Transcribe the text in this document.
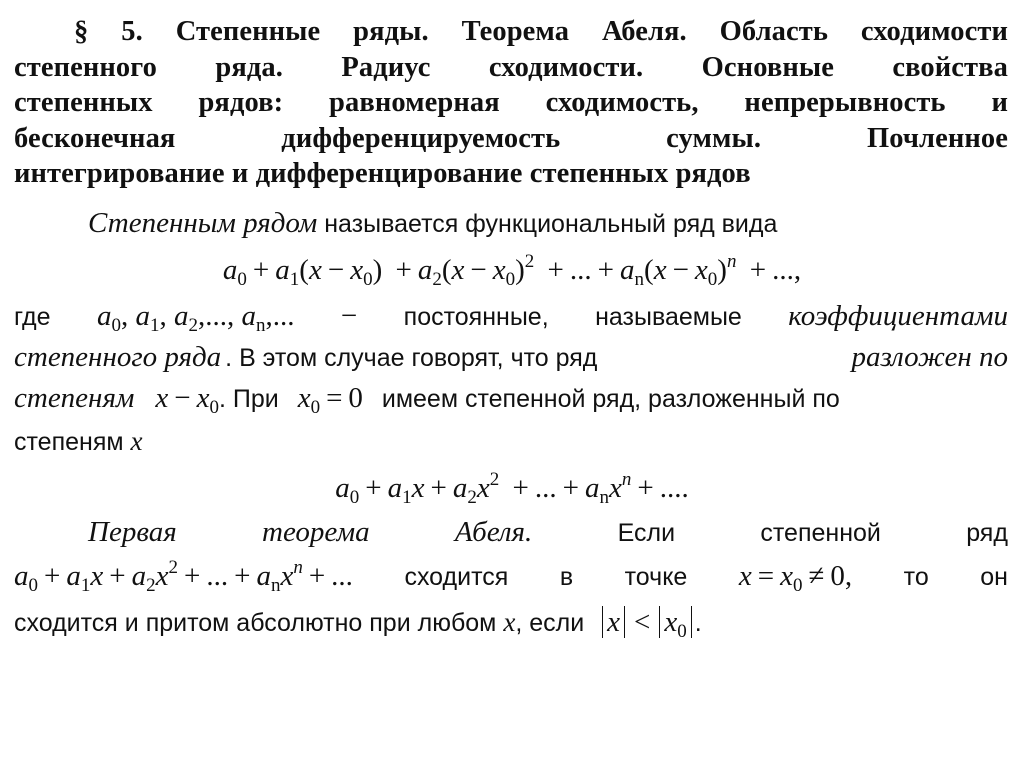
§ 5. Степенные ряды. Теорема Абеля. Область сходимости
степенного ряда. Радиус сходимости. Основные свойства
степенных рядов: равномерная сходимость, непрерывность и
бесконечная дифференцируемость суммы. Почленное
интегрирование и дифференцирование степенных рядов
Степенным рядом называется функциональный ряд вида
$a_0 + a_1(x - x_0) + a_2(x - x_0)^2$ + ... + $a_n(x - x_0)^n$ + ...,
где $a_0$, $a_1$, $a_2$,..., $a_n$,... − постоянные, называемые коэффициентами
степенного ряда . В этом случае говорят, что ряд	разложен по
степеням $x - x_0$. При $x_0 = 0$ имеем степенной ряд, разложенный по
степеням x
$a_0 + a_1x + a_2x^2$ + ... + $a_nx^n$ + ....
Первая	теорема	Абеля.	Если	степенной	ряд
$a_0 + a_1x + a_2x^2$ + ... + $a_nx^n$ + ... сходится в точке $x = x_0 \ne 0$, то он
сходится и притом абсолютно при любом x, если $x < x_0$ .
